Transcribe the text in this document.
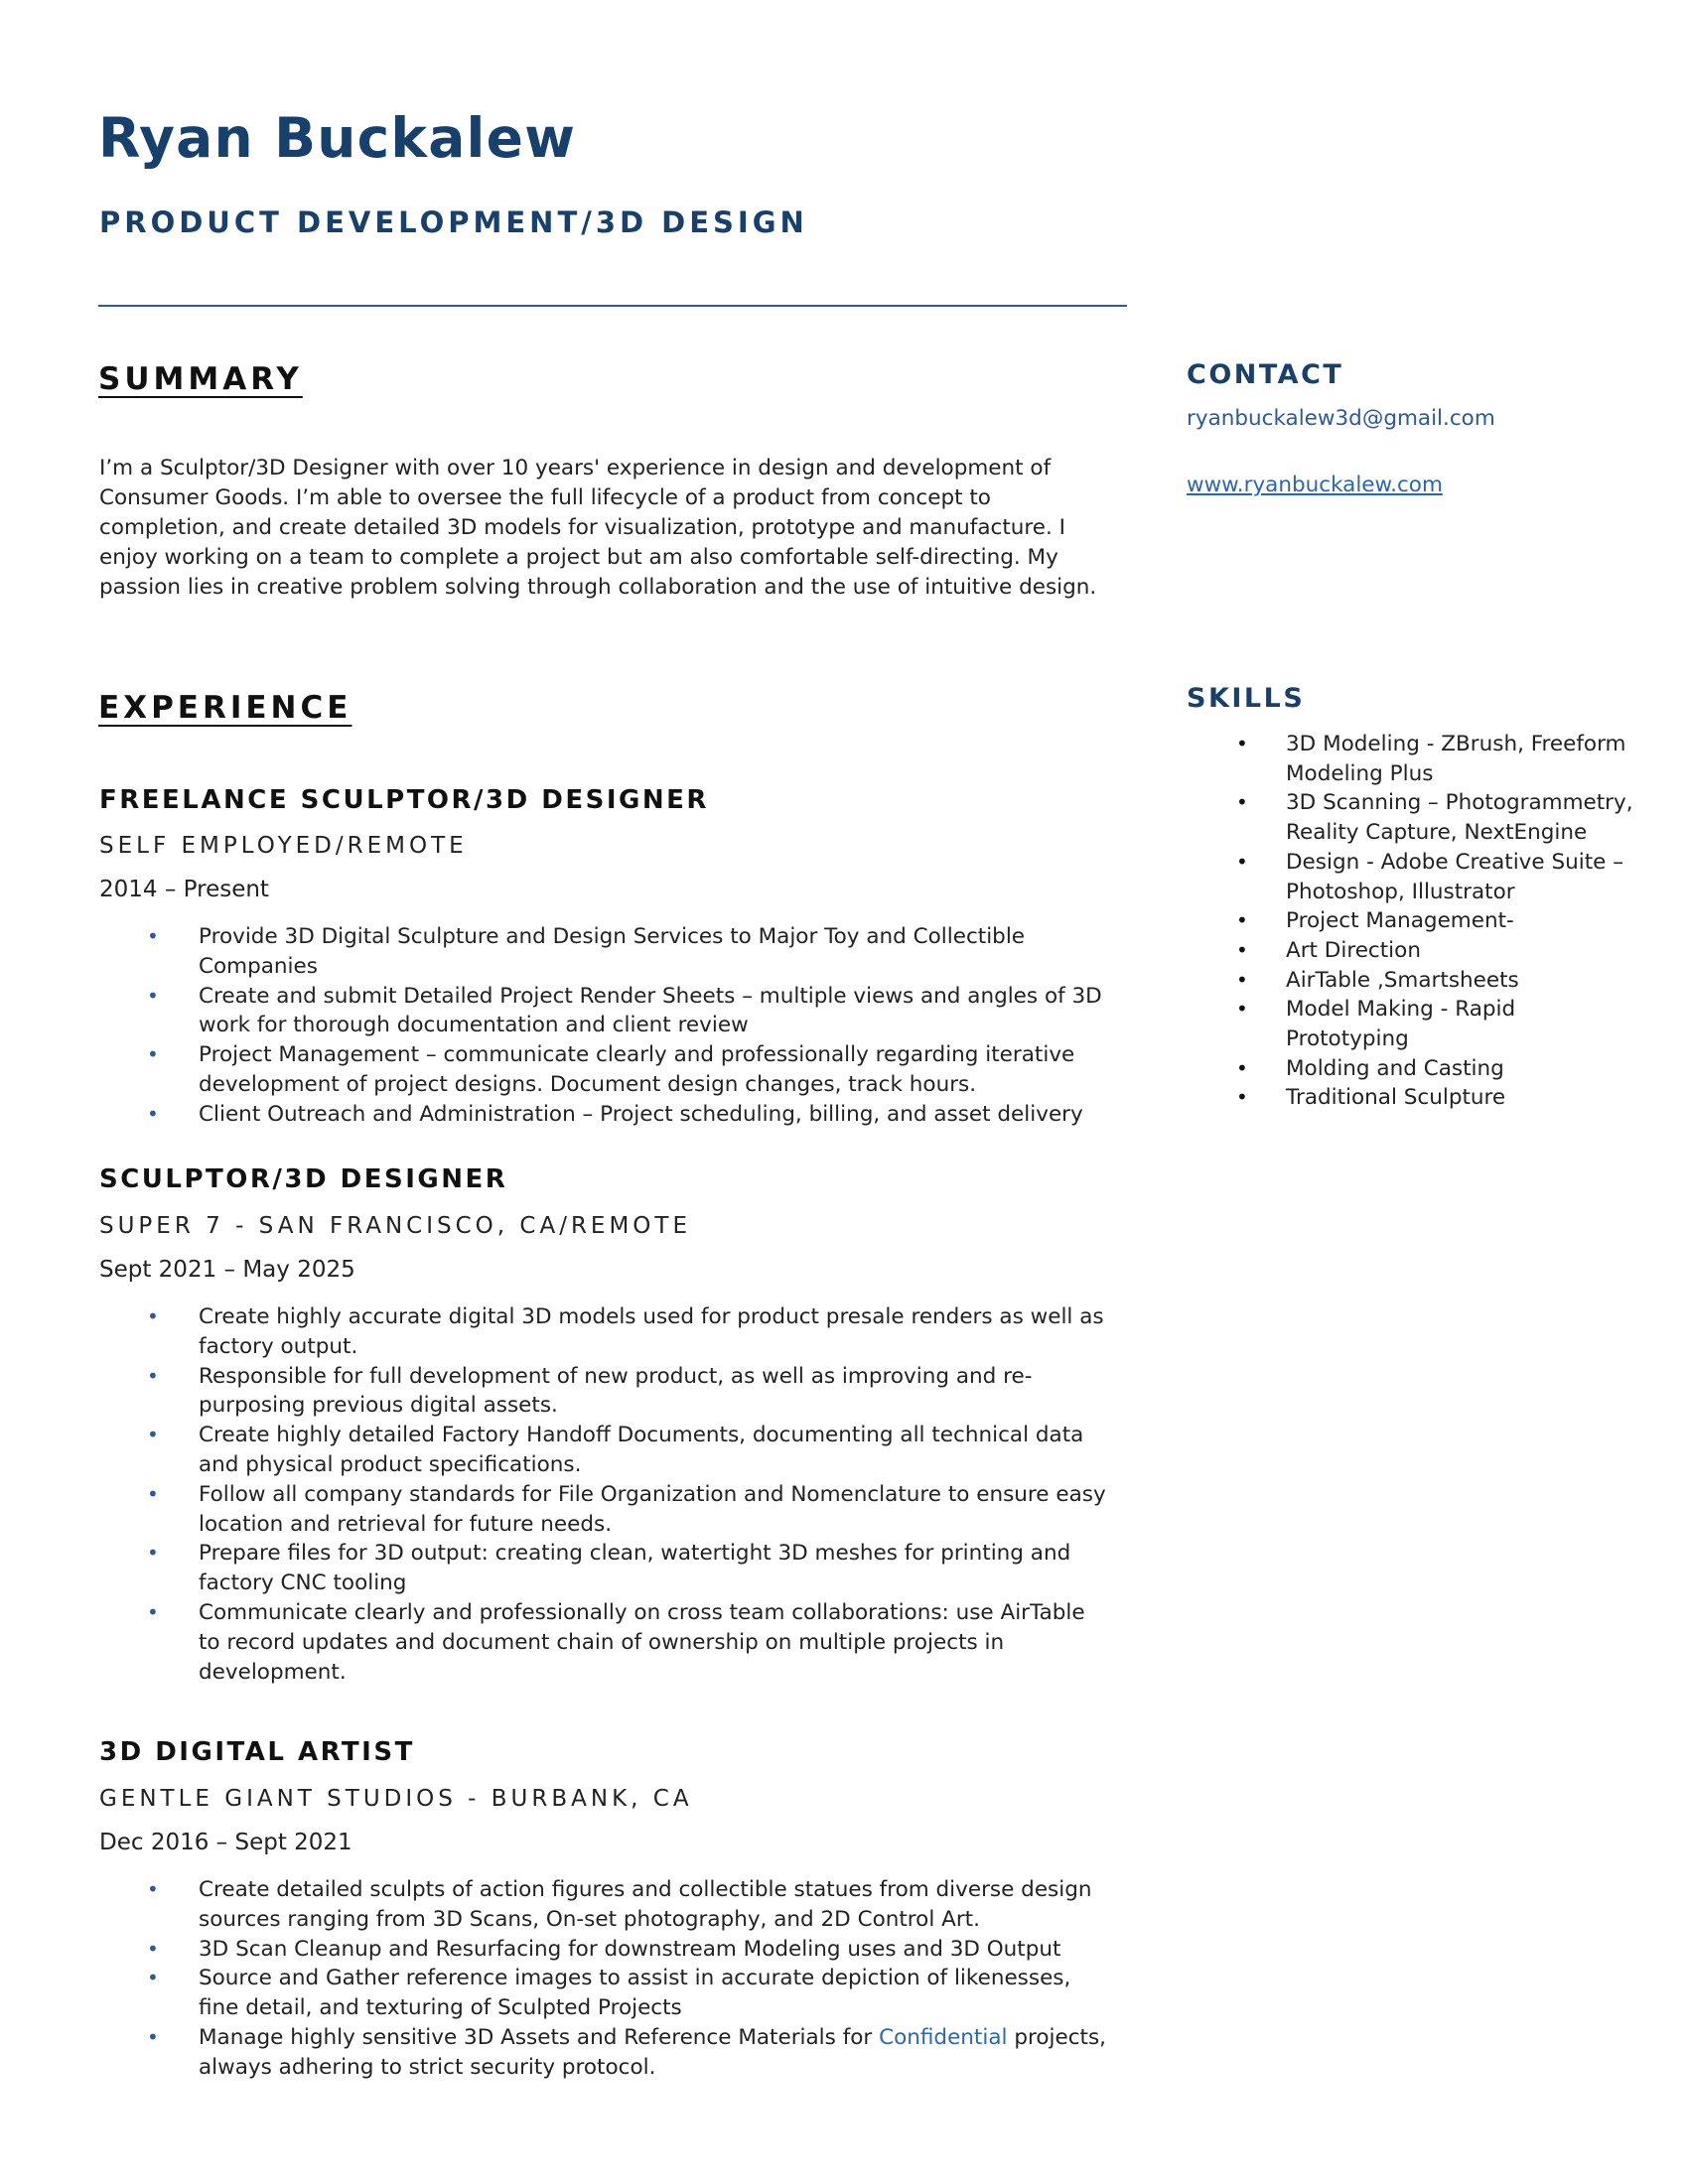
Ryan Buckalew
PRODUCT DEVELOPMENT/3D DESIGN
SUMMARY
I’m a Sculptor/3D Designer with over 10 years' experience in design and development of Consumer Goods. I’m able to oversee the full lifecycle of a product from concept to completion, and create detailed 3D models for visualization, prototype and manufacture. I enjoy working on a team to complete a project but am also comfortable self-directing. My passion lies in creative problem solving through collaboration and the use of intuitive design.
EXPERIENCE
FREELANCE SCULPTOR/3D DESIGNER
SELF EMPLOYED/REMOTE
2014 – Present
• Provide 3D Digital Sculpture and Design Services to Major Toy and Collectible Companies
• Create and submit Detailed Project Render Sheets – multiple views and angles of 3D work for thorough documentation and client review
• Project Management – communicate clearly and professionally regarding iterative development of project designs. Document design changes, track hours.
• Client Outreach and Administration – Project scheduling, billing, and asset delivery
SCULPTOR/3D DESIGNER
SUPER 7 - SAN FRANCISCO, CA/REMOTE
Sept 2021 – May 2025
• Create highly accurate digital 3D models used for product presale renders as well as factory output.
• Responsible for full development of new product, as well as improving and re-purposing previous digital assets.
• Create highly detailed Factory Handoff Documents, documenting all technical data and physical product specifications.
• Follow all company standards for File Organization and Nomenclature to ensure easy location and retrieval for future needs.
• Prepare files for 3D output: creating clean, watertight 3D meshes for printing and factory CNC tooling
• Communicate clearly and professionally on cross team collaborations: use AirTable to record updates and document chain of ownership on multiple projects in development.
3D DIGITAL ARTIST
GENTLE GIANT STUDIOS - BURBANK, CA
Dec 2016 – Sept 2021
• Create detailed sculpts of action figures and collectible statues from diverse design sources ranging from 3D Scans, On-set photography, and 2D Control Art.
• 3D Scan Cleanup and Resurfacing for downstream Modeling uses and 3D Output
• Source and Gather reference images to assist in accurate depiction of likenesses, fine detail, and texturing of Sculpted Projects
• Manage highly sensitive 3D Assets and Reference Materials for Confidential projects, always adhering to strict security protocol.
CONTACT
ryanbuckalew3d@gmail.com
www.ryanbuckalew.com
SKILLS
• 3D Modeling - ZBrush, Freeform Modeling Plus
• 3D Scanning – Photogrammetry, Reality Capture, NextEngine
• Design - Adobe Creative Suite – Photoshop, Illustrator
• Project Management-
• Art Direction
• AirTable ,Smartsheets
• Model Making - Rapid Prototyping
• Molding and Casting
• Traditional Sculpture
